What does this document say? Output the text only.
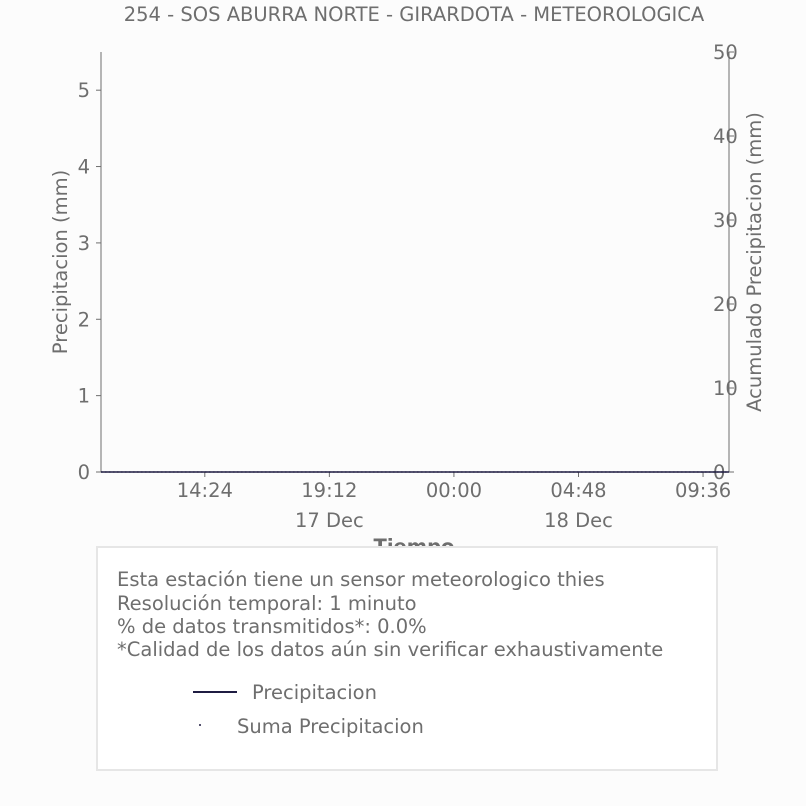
254 - SOS ABURRA NORTE - GIRARDOTA - METEOROLOGICA
0
1
2
3
4
5
0
10
20
30
40
50
14:24	19:12
17 Dec
00:00	04:48
18 Dec
09:36
Precipitacion (mm)	Acumulado Precipitacion (mm)
Esta estación tiene un sensor meteorologico thies
Resolución temporal: 1 minuto
% de datos transmitidos*: 0.0%
*Calidad de los datos aún sin verificar exhaustivamente
Precipitacion
Suma Precipitacion
